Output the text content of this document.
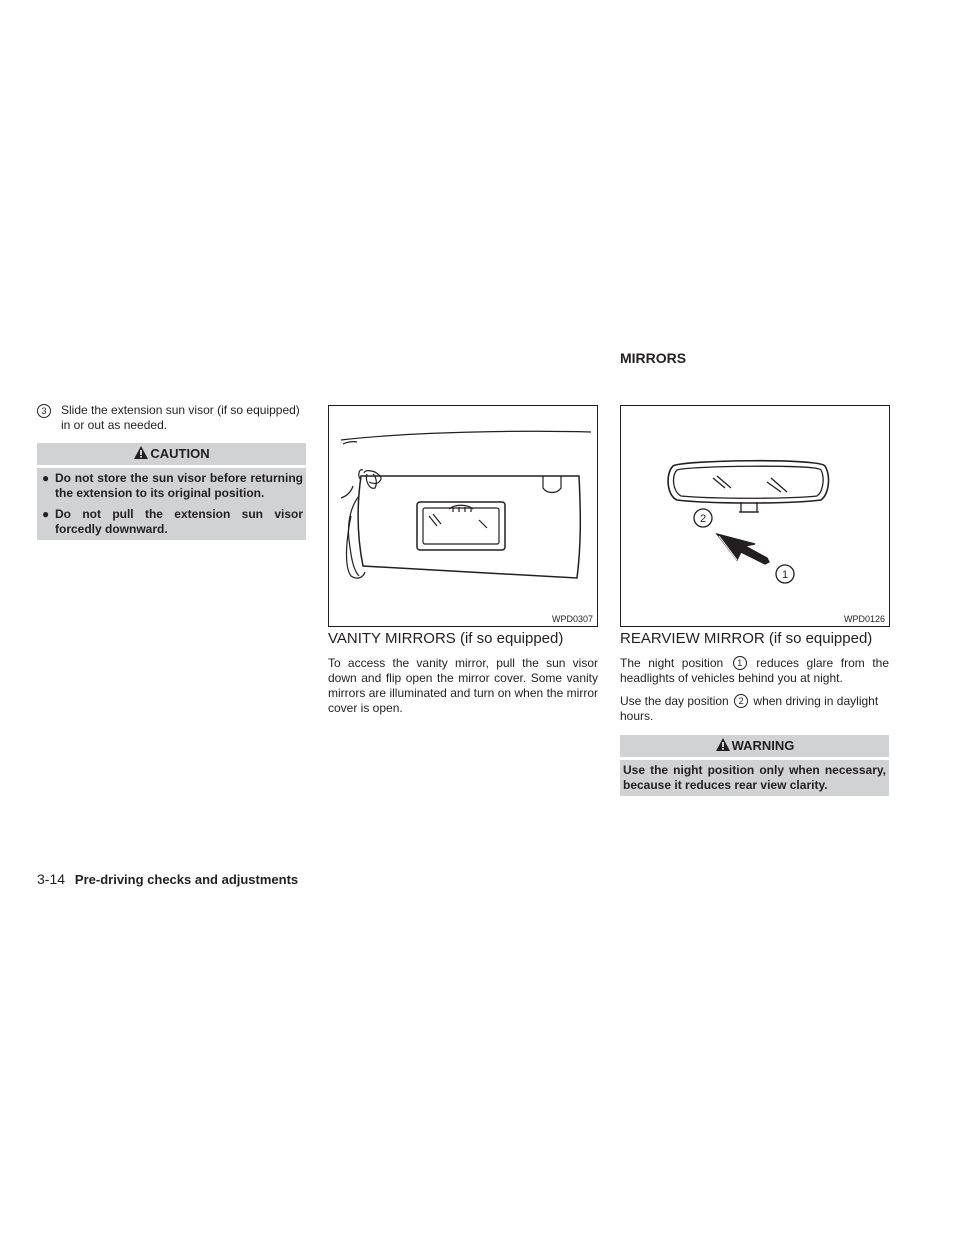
3	Slide the extension sun visor (if so equipped) in or out as needed.
CAUTION
● Do not store the sun visor before returning the extension to its original position.
● Do not pull the extension sun visor forcedly downward.
WPD0307
VANITY MIRRORS (if so equipped)
To access the vanity mirror, pull the sun visor down and flip open the mirror cover. Some vanity mirrors are illuminated and turn on when the mirror cover is open.
MIRRORS
2
1
WPD0126
REARVIEW MIRROR (if so equipped)
The night position 1 reduces glare from the headlights of vehicles behind you at night.
Use the day position 2 when driving in daylight hours.
WARNING
Use the night position only when necessary, because it reduces rear view clarity.
3-14 Pre-driving checks and adjustments
